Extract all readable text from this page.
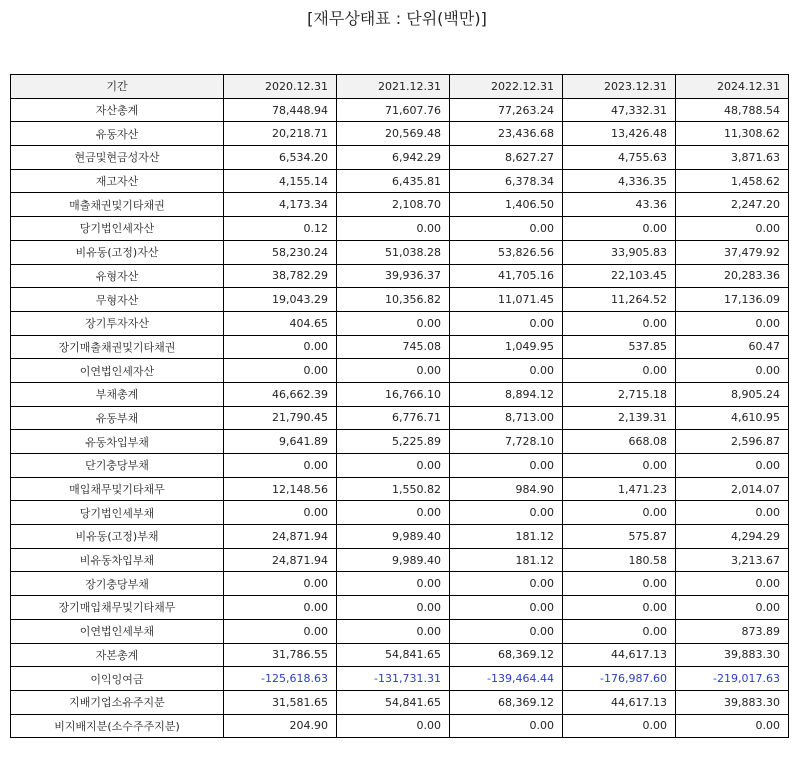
[재무상태표 : 단위(백만)]
기간	2020.12.31	2021.12.31	2022.12.31	2023.12.31	2024.12.31
자산총계	78,448.94	71,607.76	77,263.24	47,332.31	48,788.54
유동자산	20,218.71	20,569.48	23,436.68	13,426.48	11,308.62
현금및현금성자산	6,534.20	6,942.29	8,627.27	4,755.63	3,871.63
재고자산	4,155.14	6,435.81	6,378.34	4,336.35	1,458.62
매출채권및기타채권	4,173.34	2,108.70	1,406.50	43.36	2,247.20
당기법인세자산	0.12	0.00	0.00	0.00	0.00
비유동(고정)자산	58,230.24	51,038.28	53,826.56	33,905.83	37,479.92
유형자산	38,782.29	39,936.37	41,705.16	22,103.45	20,283.36
무형자산	19,043.29	10,356.82	11,071.45	11,264.52	17,136.09
장기투자자산	404.65	0.00	0.00	0.00	0.00
장기매출채권및기타채권	0.00	745.08	1,049.95	537.85	60.47
이연법인세자산	0.00	0.00	0.00	0.00	0.00
부채총계	46,662.39	16,766.10	8,894.12	2,715.18	8,905.24
유동부채	21,790.45	6,776.71	8,713.00	2,139.31	4,610.95
유동차입부채	9,641.89	5,225.89	7,728.10	668.08	2,596.87
단기충당부채	0.00	0.00	0.00	0.00	0.00
매입채무및기타채무	12,148.56	1,550.82	984.90	1,471.23	2,014.07
당기법인세부채	0.00	0.00	0.00	0.00	0.00
비유동(고정)부채	24,871.94	9,989.40	181.12	575.87	4,294.29
비유동차입부채	24,871.94	9,989.40	181.12	180.58	3,213.67
장기충당부채	0.00	0.00	0.00	0.00	0.00
장기매입채무및기타채무	0.00	0.00	0.00	0.00	0.00
이연법인세부채	0.00	0.00	0.00	0.00	873.89
자본총계	31,786.55	54,841.65	68,369.12	44,617.13	39,883.30
이익잉여금	-125,618.63	-131,731.31	-139,464.44	-176,987.60	-219,017.63
지배기업소유주지분	31,581.65	54,841.65	68,369.12	44,617.13	39,883.30
비지배지분(소수주주지분)	204.90	0.00	0.00	0.00	0.00
